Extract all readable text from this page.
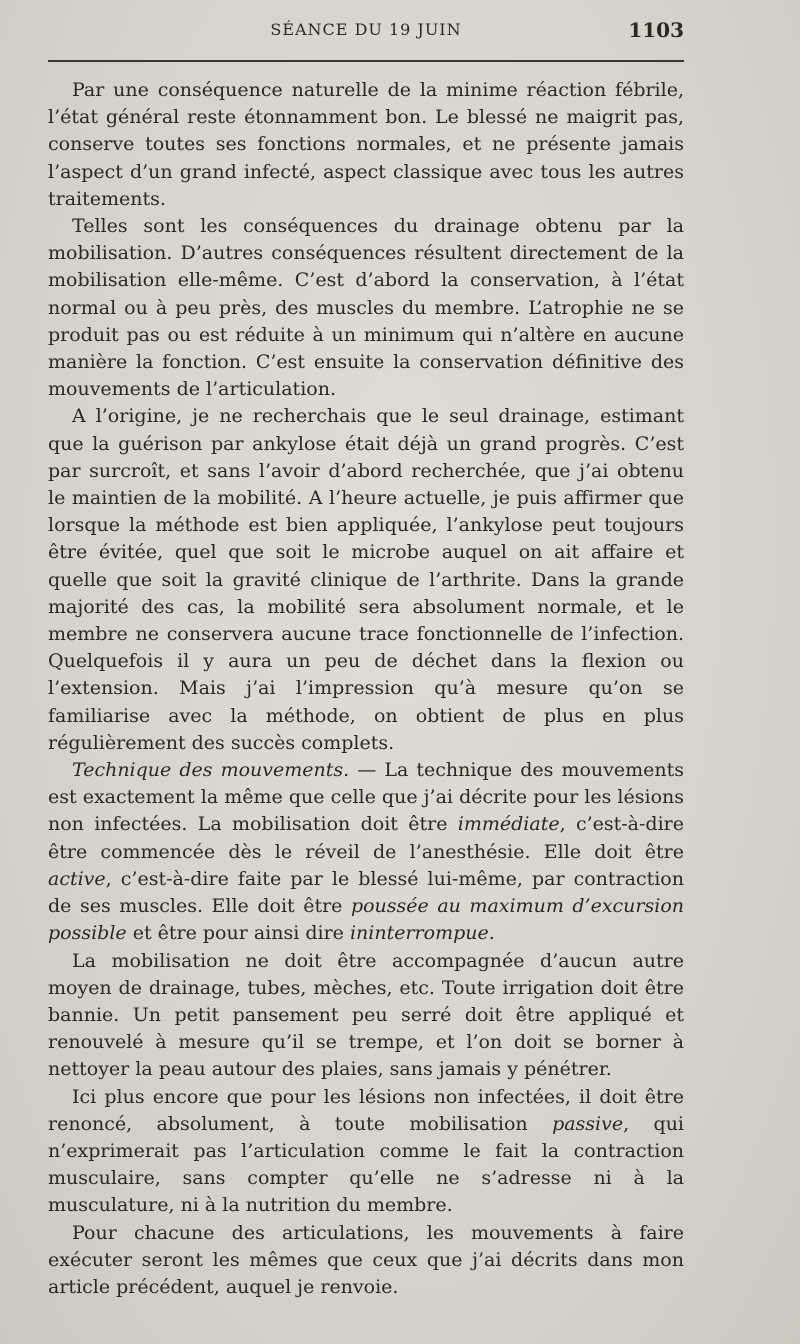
SÉANCE DU 19 JUIN	1103

Par une conséquence naturelle de la minime réaction fébrile, l’état général reste étonnamment bon. Le blessé ne maigrit pas, conserve toutes ses fonctions normales, et ne présente jamais l’aspect d’un grand infecté, aspect classique avec tous les autres traitements.

Telles sont les conséquences du drainage obtenu par la mobilisation. D’autres conséquences résultent directement de la mobilisation elle-même. C’est d’abord la conservation, à l’état normal ou à peu près, des muscles du membre. L’atrophie ne se produit pas ou est réduite à un minimum qui n’altère en aucune manière la fonction. C’est ensuite la conservation définitive des mouvements de l’articulation.

A l’origine, je ne recherchais que le seul drainage, estimant que la guérison par ankylose était déjà un grand progrès. C’est par surcroît, et sans l’avoir d’abord recherchée, que j’ai obtenu le maintien de la mobilité. A l’heure actuelle, je puis affirmer que lorsque la méthode est bien appliquée, l’ankylose peut toujours être évitée, quel que soit le microbe auquel on ait affaire et quelle que soit la gravité clinique de l’arthrite. Dans la grande majorité des cas, la mobilité sera absolument normale, et le membre ne conservera aucune trace fonctionnelle de l’infection. Quelquefois il y aura un peu de déchet dans la flexion ou l’extension. Mais j’ai l’impression qu’à mesure qu’on se familiarise avec la méthode, on obtient de plus en plus régulièrement des succès complets.

Technique des mouvements. — La technique des mouvements est exactement la même que celle que j’ai décrite pour les lésions non infectées. La mobilisation doit être immédiate, c’est-à-dire être commencée dès le réveil de l’anesthésie. Elle doit être active, c’est-à-dire faite par le blessé lui-même, par contraction de ses muscles. Elle doit être poussée au maximum d’excursion possible et être pour ainsi dire ininterrompue.

La mobilisation ne doit être accompagnée d’aucun autre moyen de drainage, tubes, mèches, etc. Toute irrigation doit être bannie. Un petit pansement peu serré doit être appliqué et renouvelé à mesure qu’il se trempe, et l’on doit se borner à nettoyer la peau autour des plaies, sans jamais y pénétrer.

Ici plus encore que pour les lésions non infectées, il doit être renoncé, absolument, à toute mobilisation passive, qui n’exprimerait pas l’articulation comme le fait la contraction musculaire, sans compter qu’elle ne s’adresse ni à la musculature, ni à la nutrition du membre.

Pour chacune des articulations, les mouvements à faire exécuter seront les mêmes que ceux que j’ai décrits dans mon article précédent, auquel je renvoie.
